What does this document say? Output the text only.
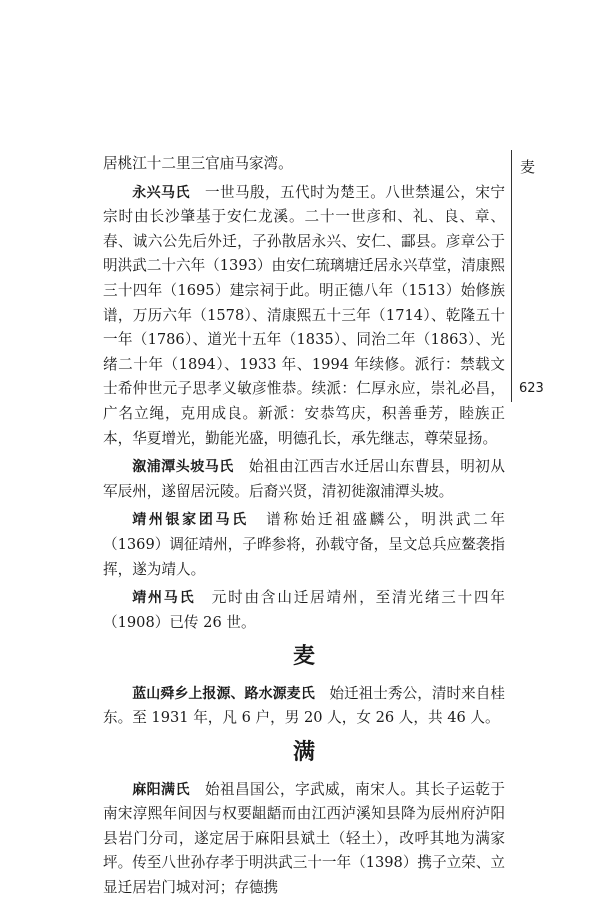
麦
623

居桃江十二里三官庙马家湾。

永兴马氏　 一世马殷，五代时为楚王。八世禁暹公，宋宁宗时由长沙肇基于安仁龙溪。二十一世彦和、礼、良、章、春、诚六公先后外迁，子孙散居永兴、安仁、酃县。彦章公于明洪武二十六年（1393）由安仁琉璃塘迁居永兴草堂，清康熙三十四年（1695）建宗祠于此。明正德八年（1513）始修族谱，万历六年（1578）、清康熙五十三年（1714）、乾隆五十一年（1786）、道光十五年（1835）、同治二年（1863）、光绪二十年（1894）、1933 年、1994 年续修。派行：禁载文士希仲世元子思孝义敏彦惟恭。续派：仁厚永应，崇礼必昌，广名立绳，克用成良。新派：安恭笃庆，积善垂芳，睦族正本，华夏增光，勤能光盛，明德孔长，承先继志，尊荣显扬。

溆浦潭头坡马氏　 始祖由江西吉水迁居山东曹县，明初从军辰州，遂留居沅陵。后裔兴贤，清初徙溆浦潭头坡。

靖州银家团马氏　 谱称始迁祖盛麟公，明洪武二年（1369）调征靖州，子晔参将，孙载守备，呈文总兵应鳌袭指挥，遂为靖人。

靖州马氏　 元时由含山迁居靖州，至清光绪三十四年（1908）已传 26 世。

麦

蓝山舜乡上报源、路水源麦氏　 始迁祖士秀公，清时来自桂东。至 1931 年，凡 6 户，男 20 人，女 26 人，共 46 人。

满

麻阳满氏　 始祖昌国公，字武威，南宋人。其长子运乾于南宋淳熙年间因与权要龃龉而由江西泸溪知县降为辰州府泸阳县岩门分司，遂定居于麻阳县斌土（轻土），改呼其地为满家坪。传至八世孙存孝于明洪武三十一年（1398）携子立荣、立显迁居岩门城对河；存德携
